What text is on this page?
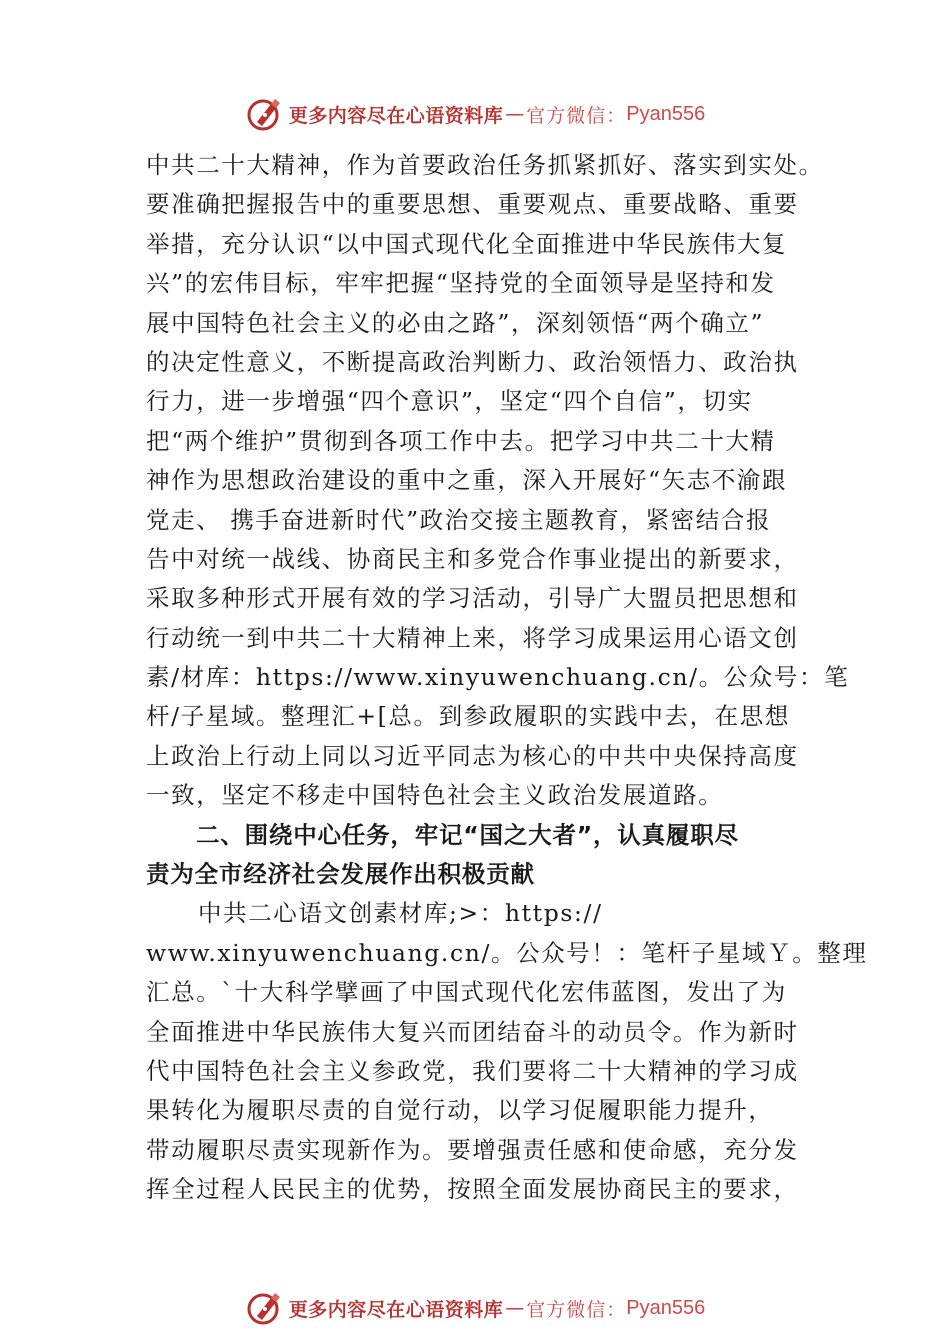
更多内容尽在心语资料库 — 官方微信： Pyan556
中共二十大精神，作为首要政治任务抓紧抓好、落实到实处。
要准确把握报告中的重要思想、重要观点、重要战略、重要
举措，充分认识“以中国式现代化全面推进中华民族伟大复
兴”的宏伟目标，牢牢把握“坚持党的全面领导是坚持和发
展中国特色社会主义的必由之路”，深刻领悟“两个确立”
的决定性意义，不断提高政治判断力、政治领悟力、政治执
行力，进一步增强“四个意识”，坚定“四个自信”，切实
把“两个维护”贯彻到各项工作中去。把学习中共二十大精
神作为思想政治建设的重中之重，深入开展好“矢志不渝跟
党走、 携手奋进新时代”政治交接主题教育，紧密结合报
告中对统一战线、协商民主和多党合作事业提出的新要求，
采取多种形式开展有效的学习活动，引导广大盟员把思想和
行动统一到中共二十大精神上来，将学习成果运用心语文创
素/材库：https://www.xinyuwenchuang.cn/。公众号：笔
杆/子星域。整理汇+[总。到参政履职的实践中去，在思想
上政治上行动上同以习近平同志为核心的中共中央保持高度
一致，坚定不移走中国特色社会主义政治发展道路。
二、围绕中心任务，牢记“国之大者”，认真履职尽
责为全市经济社会发展作出积极贡献
中共二心语文创素材库;>：https://
www.xinyuwenchuang.cn/。公众号！：笔杆子星域Ｙ。整理
汇总。`十大科学擘画了中国式现代化宏伟蓝图，发出了为
全面推进中华民族伟大复兴而团结奋斗的动员令。作为新时
代中国特色社会主义参政党，我们要将二十大精神的学习成
果转化为履职尽责的自觉行动，以学习促履职能力提升，
带动履职尽责实现新作为。要增强责任感和使命感，充分发
挥全过程人民民主的优势，按照全面发展协商民主的要求，
更多内容尽在心语资料库 — 官方微信： Pyan556
